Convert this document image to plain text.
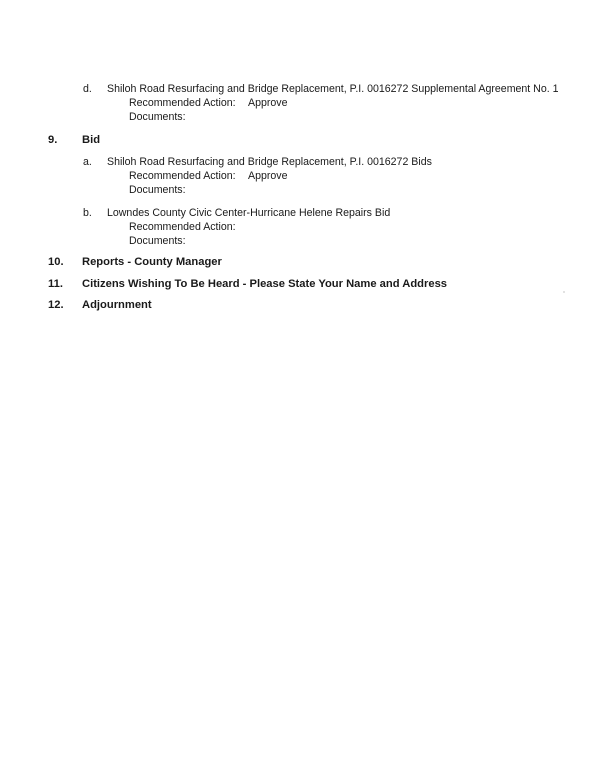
d. Shiloh Road Resurfacing and Bridge Replacement, P.I. 0016272 Supplemental Agreement No. 1
Recommended Action: Approve
Documents:
9. Bid
a. Shiloh Road Resurfacing and Bridge Replacement, P.I. 0016272 Bids
Recommended Action: Approve
Documents:
b. Lowndes County Civic Center-Hurricane Helene Repairs Bid
Recommended Action:
Documents:
10. Reports - County Manager
11. Citizens Wishing To Be Heard - Please State Your Name and Address
12. Adjournment
